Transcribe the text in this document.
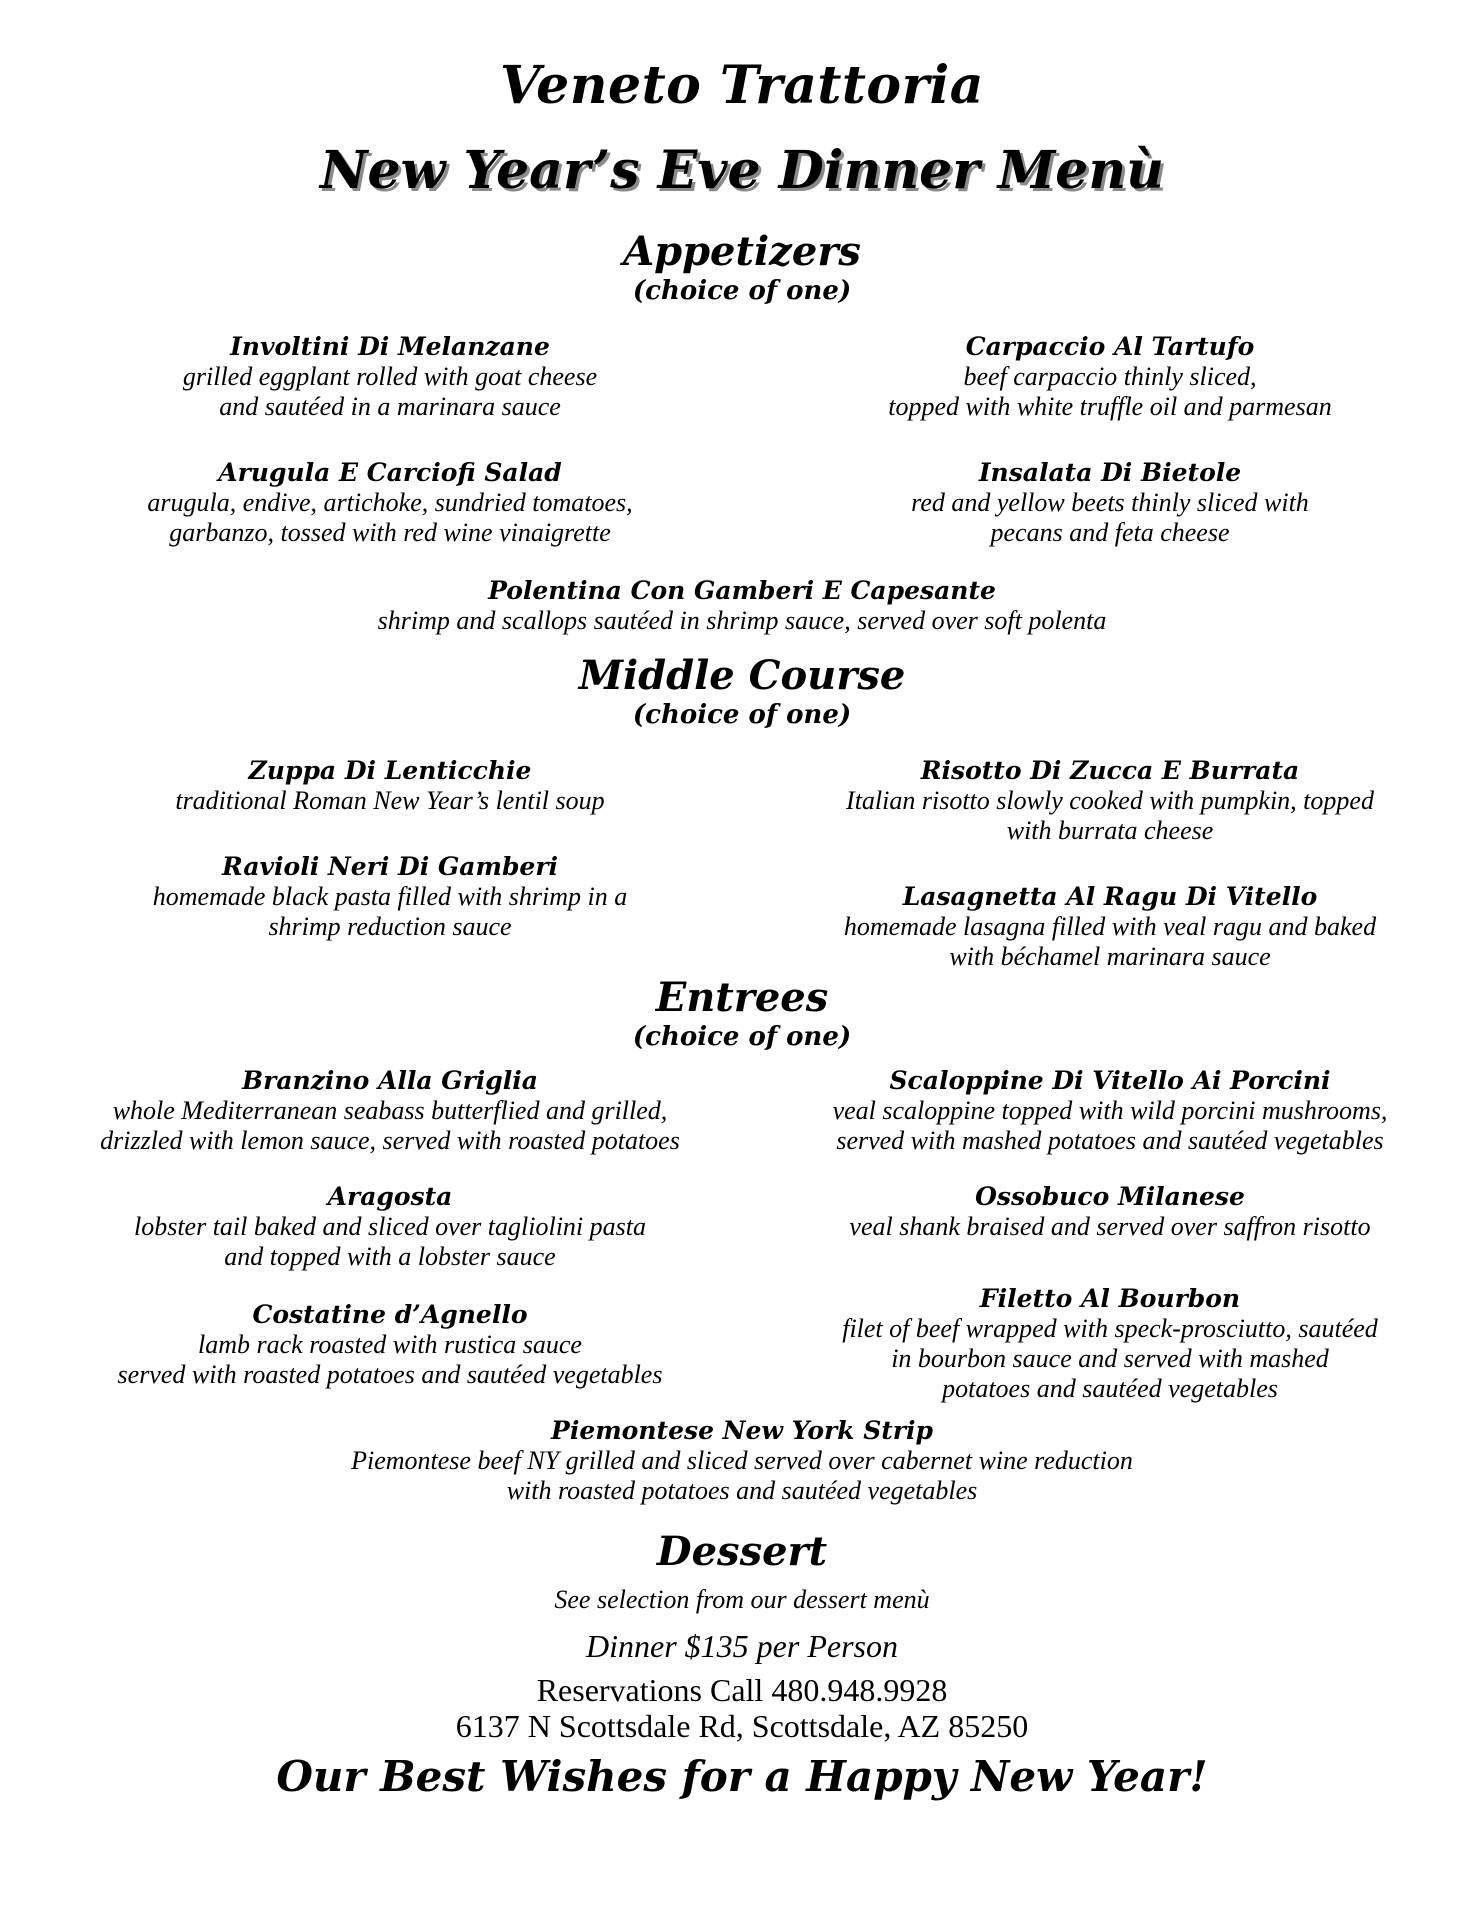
Veneto Trattoria
New Year’s Eve Dinner Menù
Appetizers
(choice of one)
Involtini Di Melanzane
grilled eggplant rolled with goat cheese
and sautéed in a marinara sauce
Carpaccio Al Tartufo
beef carpaccio thinly sliced,
topped with white truffle oil and parmesan
Arugula E Carciofi Salad
arugula, endive, artichoke, sundried tomatoes,
garbanzo, tossed with red wine vinaigrette
Insalata Di Bietole
red and yellow beets thinly sliced with
pecans and feta cheese
Polentina Con Gamberi E Capesante
shrimp and scallops sautéed in shrimp sauce, served over soft polenta
Middle Course
(choice of one)
Zuppa Di Lenticchie
traditional Roman New Year’s lentil soup
Risotto Di Zucca E Burrata
Italian risotto slowly cooked with pumpkin, topped
with burrata cheese
Ravioli Neri Di Gamberi
homemade black pasta filled with shrimp in a
shrimp reduction sauce
Lasagnetta Al Ragu Di Vitello
homemade lasagna filled with veal ragu and baked
with béchamel marinara sauce
Entrees
(choice of one)
Branzino Alla Griglia
whole Mediterranean seabass butterflied and grilled,
drizzled with lemon sauce, served with roasted potatoes
Scaloppine Di Vitello Ai Porcini
veal scaloppine topped with wild porcini mushrooms,
served with mashed potatoes and sautéed vegetables
Aragosta
lobster tail baked and sliced over tagliolini pasta
and topped with a lobster sauce
Ossobuco Milanese
veal shank braised and served over saffron risotto
Costatine d’Agnello
lamb rack roasted with rustica sauce
served with roasted potatoes and sautéed vegetables
Filetto Al Bourbon
filet of beef wrapped with speck-prosciutto, sautéed
in bourbon sauce and served with mashed
potatoes and sautéed vegetables
Piemontese New York Strip
Piemontese beef NY grilled and sliced served over cabernet wine reduction
with roasted potatoes and sautéed vegetables
Dessert
See selection from our dessert menù
Dinner $135 per Person
Reservations Call 480.948.9928
6137 N Scottsdale Rd, Scottsdale, AZ 85250
Our Best Wishes for a Happy New Year!
